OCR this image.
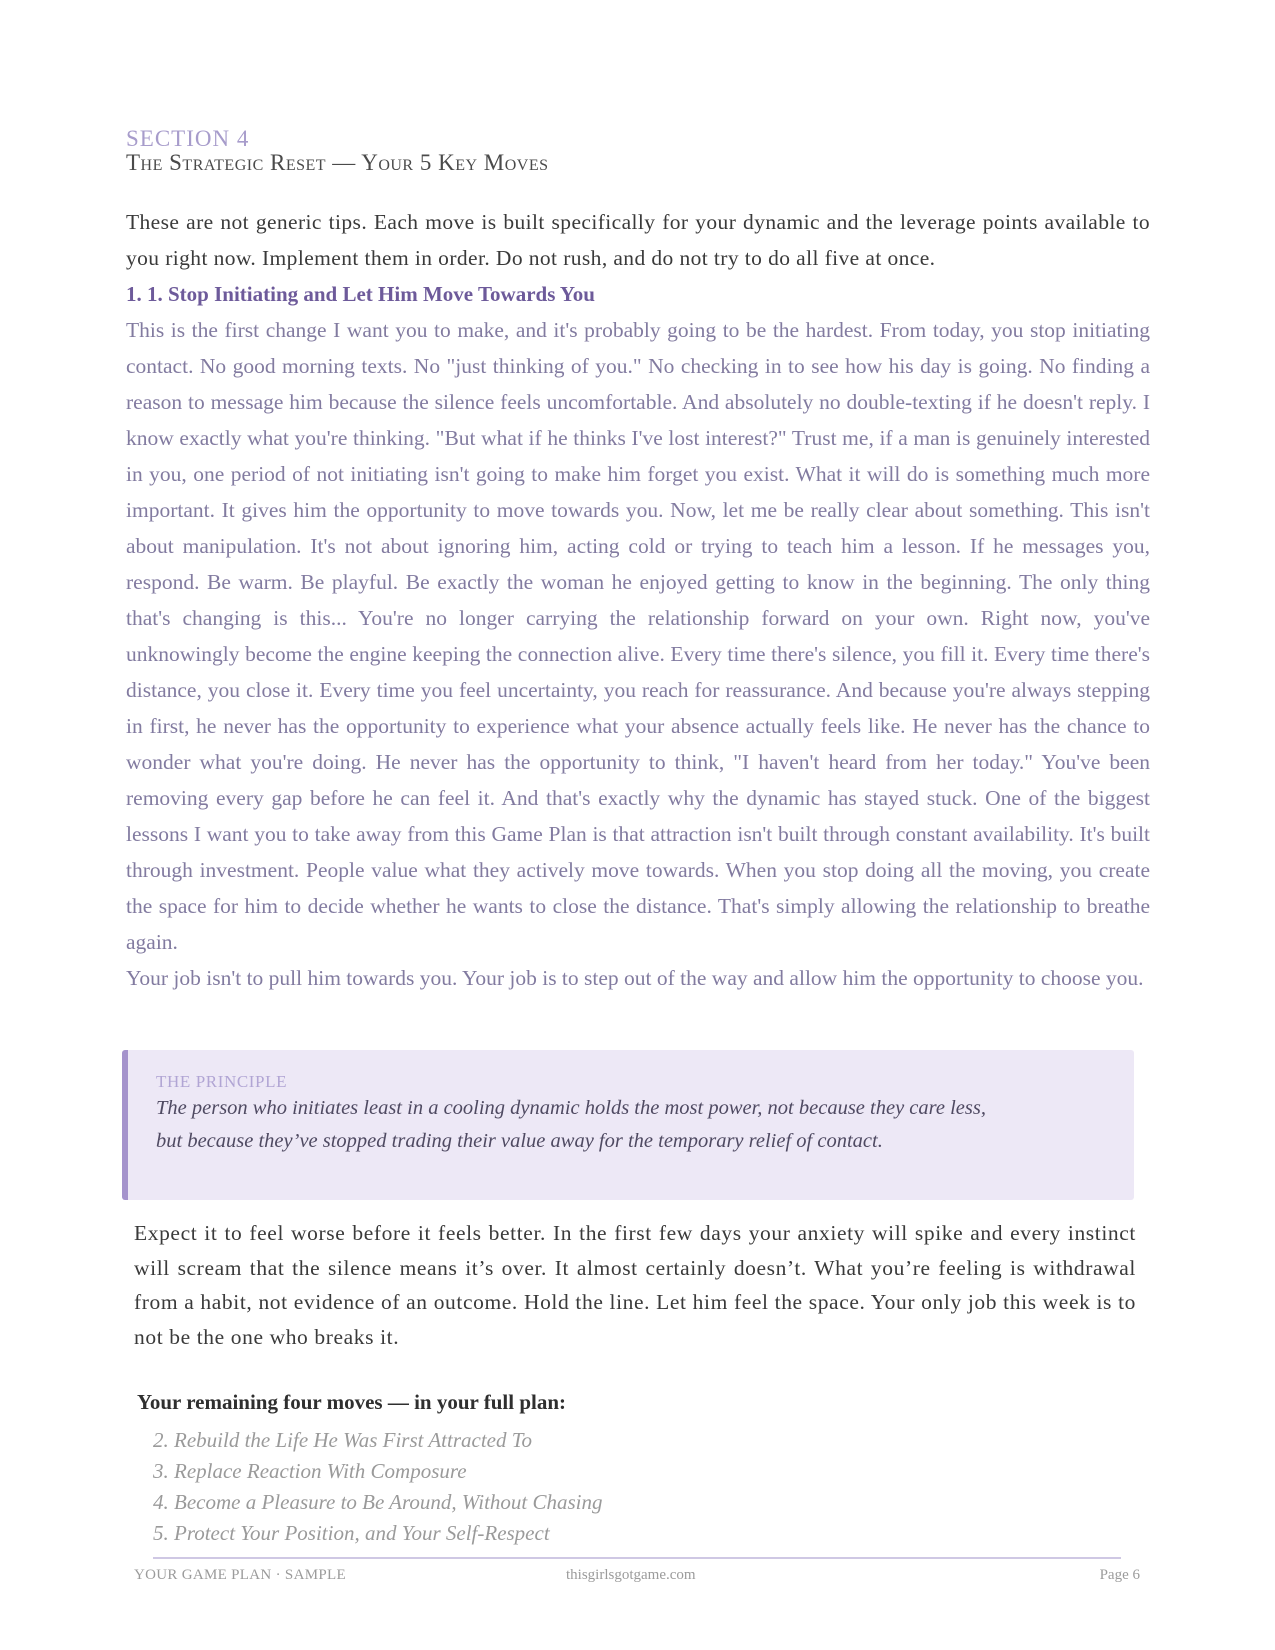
SECTION 4
The Strategic Reset — Your 5 Key Moves
These are not generic tips. Each move is built specifically for your dynamic and the leverage points available to you right now. Implement them in order. Do not rush, and do not try to do all five at once.
1. 1. Stop Initiating and Let Him Move Towards You

This is the first change I want you to make, and it's probably going to be the hardest. From today, you stop initiating contact. No good morning texts. No "just thinking of you." No checking in to see how his day is going. No finding a reason to message him because the silence feels uncomfortable. And absolutely no double-texting if he doesn't reply. I know exactly what you're thinking. "But what if he thinks I've lost interest?" Trust me, if a man is genuinely interested in you, one period of not initiating isn't going to make him forget you exist. What it will do is something much more important. It gives him the opportunity to move towards you. Now, let me be really clear about something. This isn't about manipulation. It's not about ignoring him, acting cold or trying to teach him a lesson. If he messages you, respond. Be warm. Be playful. Be exactly the woman he enjoyed getting to know in the beginning. The only thing that's changing is this... You're no longer carrying the relationship forward on your own. Right now, you've unknowingly become the engine keeping the connection alive. Every time there's silence, you fill it. Every time there's distance, you close it. Every time you feel uncertainty, you reach for reassurance. And because you're always stepping in first, he never has the opportunity to experience what your absence actually feels like. He never has the chance to wonder what you're doing. He never has the opportunity to think, "I haven't heard from her today." You've been removing every gap before he can feel it. And that's exactly why the dynamic has stayed stuck. One of the biggest lessons I want you to take away from this Game Plan is that attraction isn't built through constant availability. It's built through investment. People value what they actively move towards. When you stop doing all the moving, you create the space for him to decide whether he wants to close the distance. That's simply allowing the relationship to breathe again.

Your job isn't to pull him towards you. Your job is to step out of the way and allow him the opportunity to choose you.

THE PRINCIPLE
The person who initiates least in a cooling dynamic holds the most power, not because they care less,
but because they’ve stopped trading their value away for the temporary relief of contact.
Expect it to feel worse before it feels better. In the first few days your anxiety will spike and every instinct will scream that the silence means it’s over. It almost certainly doesn’t. What you’re feeling is withdrawal from a habit, not evidence of an outcome. Hold the line. Let him feel the space. Your only job this week is to not be the one who breaks it.
Your remaining four moves — in your full plan:
2. Rebuild the Life He Was First Attracted To
3. Replace Reaction With Composure
4. Become a Pleasure to Be Around, Without Chasing
5. Protect Your Position, and Your Self-Respect
YOUR GAME PLAN · SAMPLE	thisgirlsgotgame.com	Page 6
